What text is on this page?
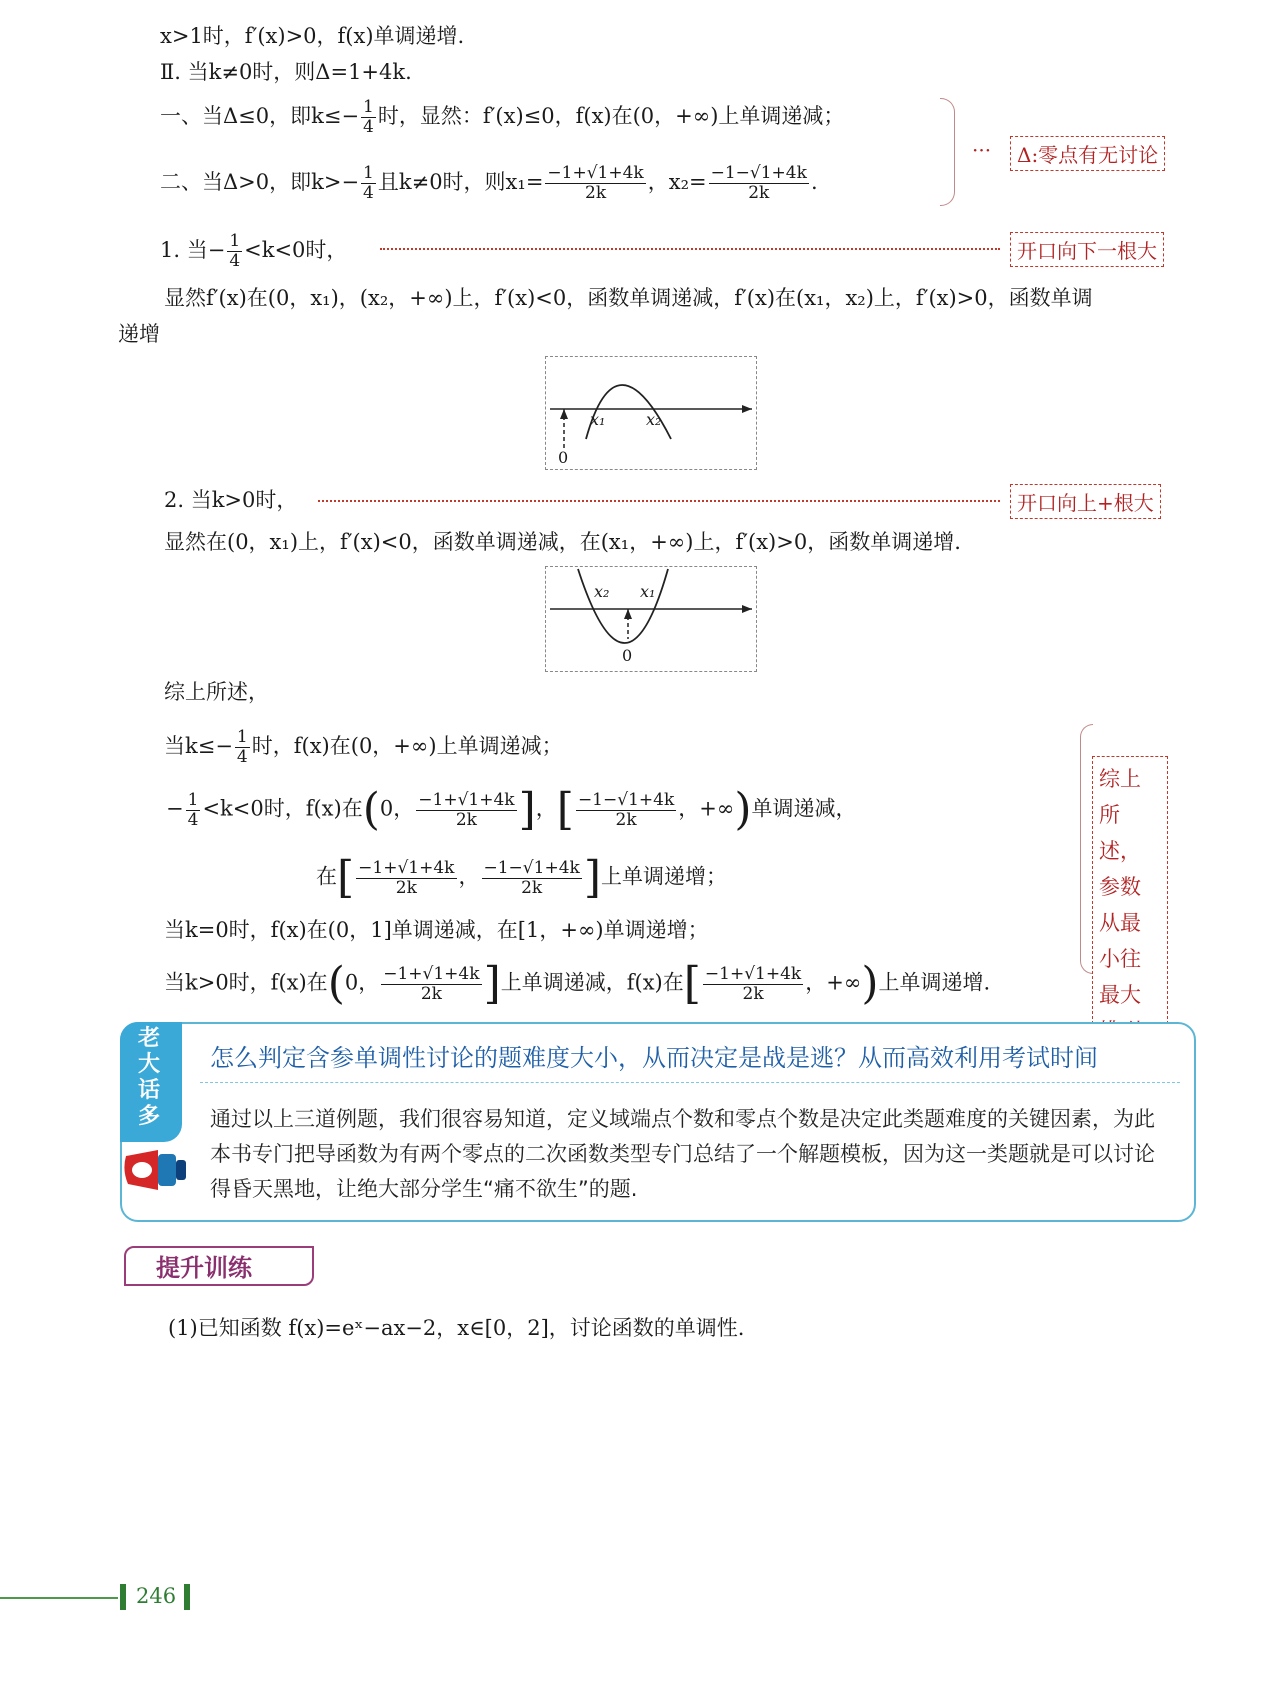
x>1时，f′(x)>0，f(x)单调递增.
Ⅱ. 当k≠0时，则Δ=1+4k.
一、当Δ≤0，即$k\le- \frac{1}{4}$ 时，显然：f′(x)≤0，f(x)在(0，+∞)上单调递减；
二、当Δ>0，即$k>- \frac{1}{4}$ 且k≠0时，则$x_1= \frac{-1+√1+4k}{2k}$ ，$x_2= \frac{-1-√1+4k}{2k}$ .
···	Δ:零点有无讨论
1. 当− $\frac{1}{4} <k<0$时，	开口向下一根大
显然f′(x)在(0，x₁)，(x₂，+∞)上，f′(x)<0，函数单调递减，f′(x)在(x₁，x₂)上，f′(x)>0，函数单调
递增
x₁	x₂
0
2. 当k>0时，	开口向上+根大
显然在(0，x₁)上，f′(x)<0，函数单调递减，在(x₁，+∞)上，f′(x)>0，函数单调递增.
x₂ x₁
0
综上所述，
当$k\le- \frac{1}{4}$ 时，f(x)在(0，+∞)上单调递减；
− $\frac{1}{4} <k<0$时，f(x)在(0， $\frac{-1+√1+4k}{2k}$ ]，[ $\frac{-1-√1+4k}{2k}$ ，+∞)单调递减，
在[ $\frac{-1+√1+4k}{2k}$ ， $\frac{-1-√1+4k}{2k}$ ]上单调递增；
当k=0时，f(x)在(0，1]单调递减，在[1，+∞)单调递增；
当k>0时，f(x)在(0， $\frac{-1+√1+4k}{2k}$ ]上单调递减，f(x)在[ $\frac{-1+√1+4k}{2k}$ ，+∞)上单调递增.
综上所述，参数从最小往最大
老大话多
怎么判定含参单调性讨论的题难度大小，从而决定是战是逃？从而高效利用考试时间
通过以上三道例题，我们很容易知道，定义域端点个数和零点个数是决定此类题难度的关键因素，为此本书专门把导函数为有两个零点的二次函数类型专门总结了一个解题模板，因为这一类题就是可以讨论得昏天黑地，让绝大部分学生“痛不欲生”的题.
提升训练
(1)已知函数 f(x)=eˣ−ax−2，x∈[0，2]，讨论函数的单调性.
246
